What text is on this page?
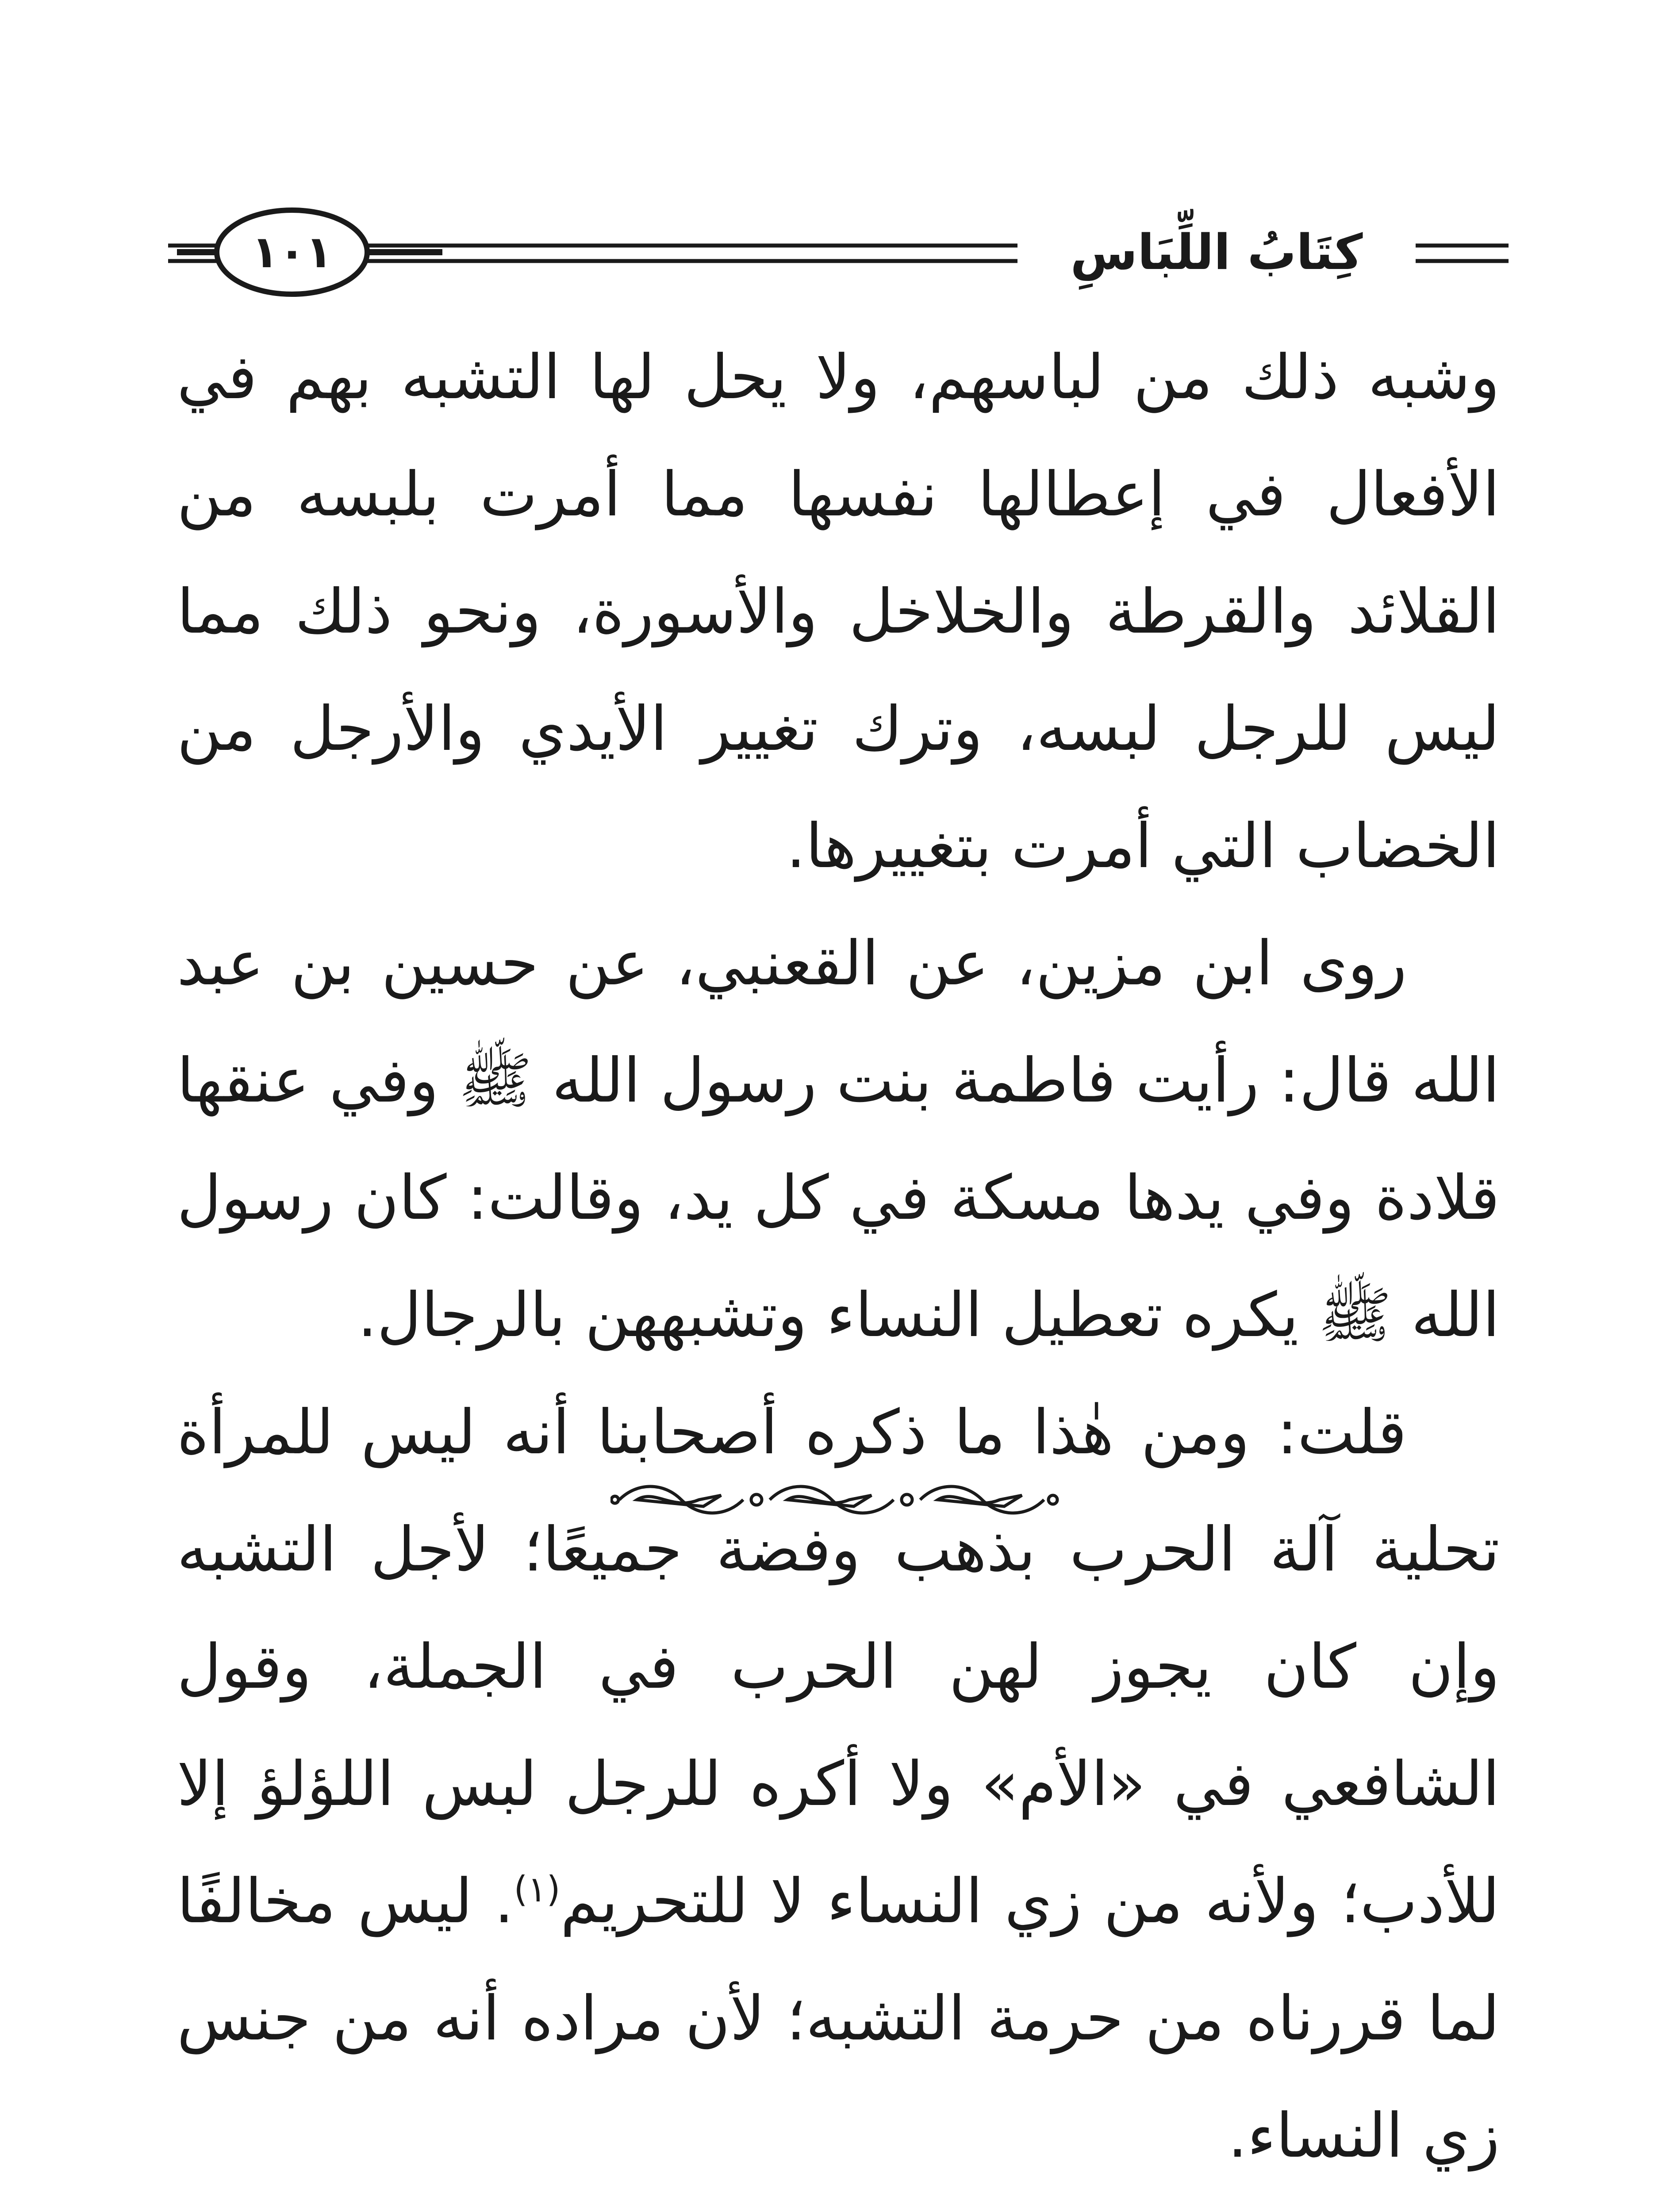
١٠١	كِتَابُ اللِّبَاسِ

وشبه ذلك من لباسهم، ولا يحل لها التشبه بهم في الأفعال في إعطالها نفسها مما أمرت بلبسه من القلائد والقرطة والخلاخل والأسورة، ونحو ذلك مما ليس للرجل لبسه، وترك تغيير الأيدي والأرجل من الخضاب التي أمرت بتغييرها.

روى ابن مزين، عن القعنبي، عن حسين بن عبد الله قال: رأيت فاطمة بنت رسول الله ﷺ وفي عنقها قلادة وفي يدها مسكة في كل يد، وقالت: كان رسول الله ﷺ يكره تعطيل النساء وتشبههن بالرجال.

قلت: ومن هٰذا ما ذكره أصحابنا أنه ليس للمرأة تحلية آلة الحرب بذهب وفضة جميعًا؛ لأجل التشبه وإن كان يجوز لهن الحرب في الجملة، وقول الشافعي في «الأم» ولا أكره للرجل لبس اللؤلؤ إلا للأدب؛ ولأنه من زي النساء لا للتحريم$^{(١)}$. ليس مخالفًا لما قررناه من حرمة التشبه؛ لأن مراده أنه من جنس زي النساء.
